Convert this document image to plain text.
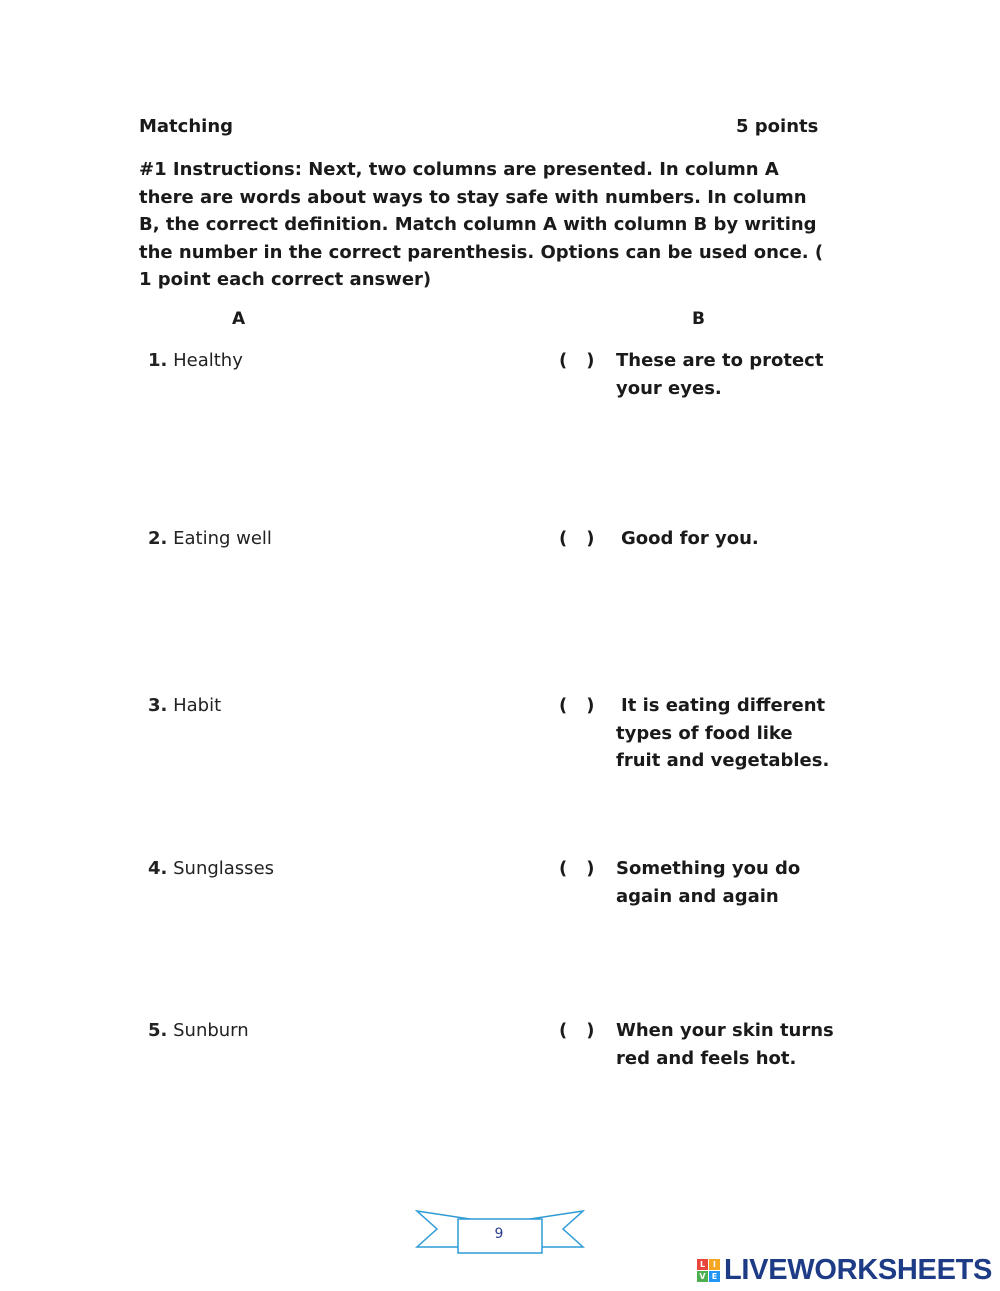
Matching	5 points
#1 Instructions: Next, two columns are presented. In column A there are words about ways to stay safe with numbers. In column B, the correct definition. Match column A with column B by writing the number in the correct parenthesis. Options can be used once. ( 1 point each correct answer)
A	B
1. Healthy	( ) These are to protect your eyes.
2. Eating well	( ) Good for you.
3. Habit	( ) It is eating different types of food like fruit and vegetables.
4. Sunglasses	( ) Something you do again and again
5. Sunburn	( ) When your skin turns red and feels hot.
9
L I
V E LIVEWORKSHEETS
